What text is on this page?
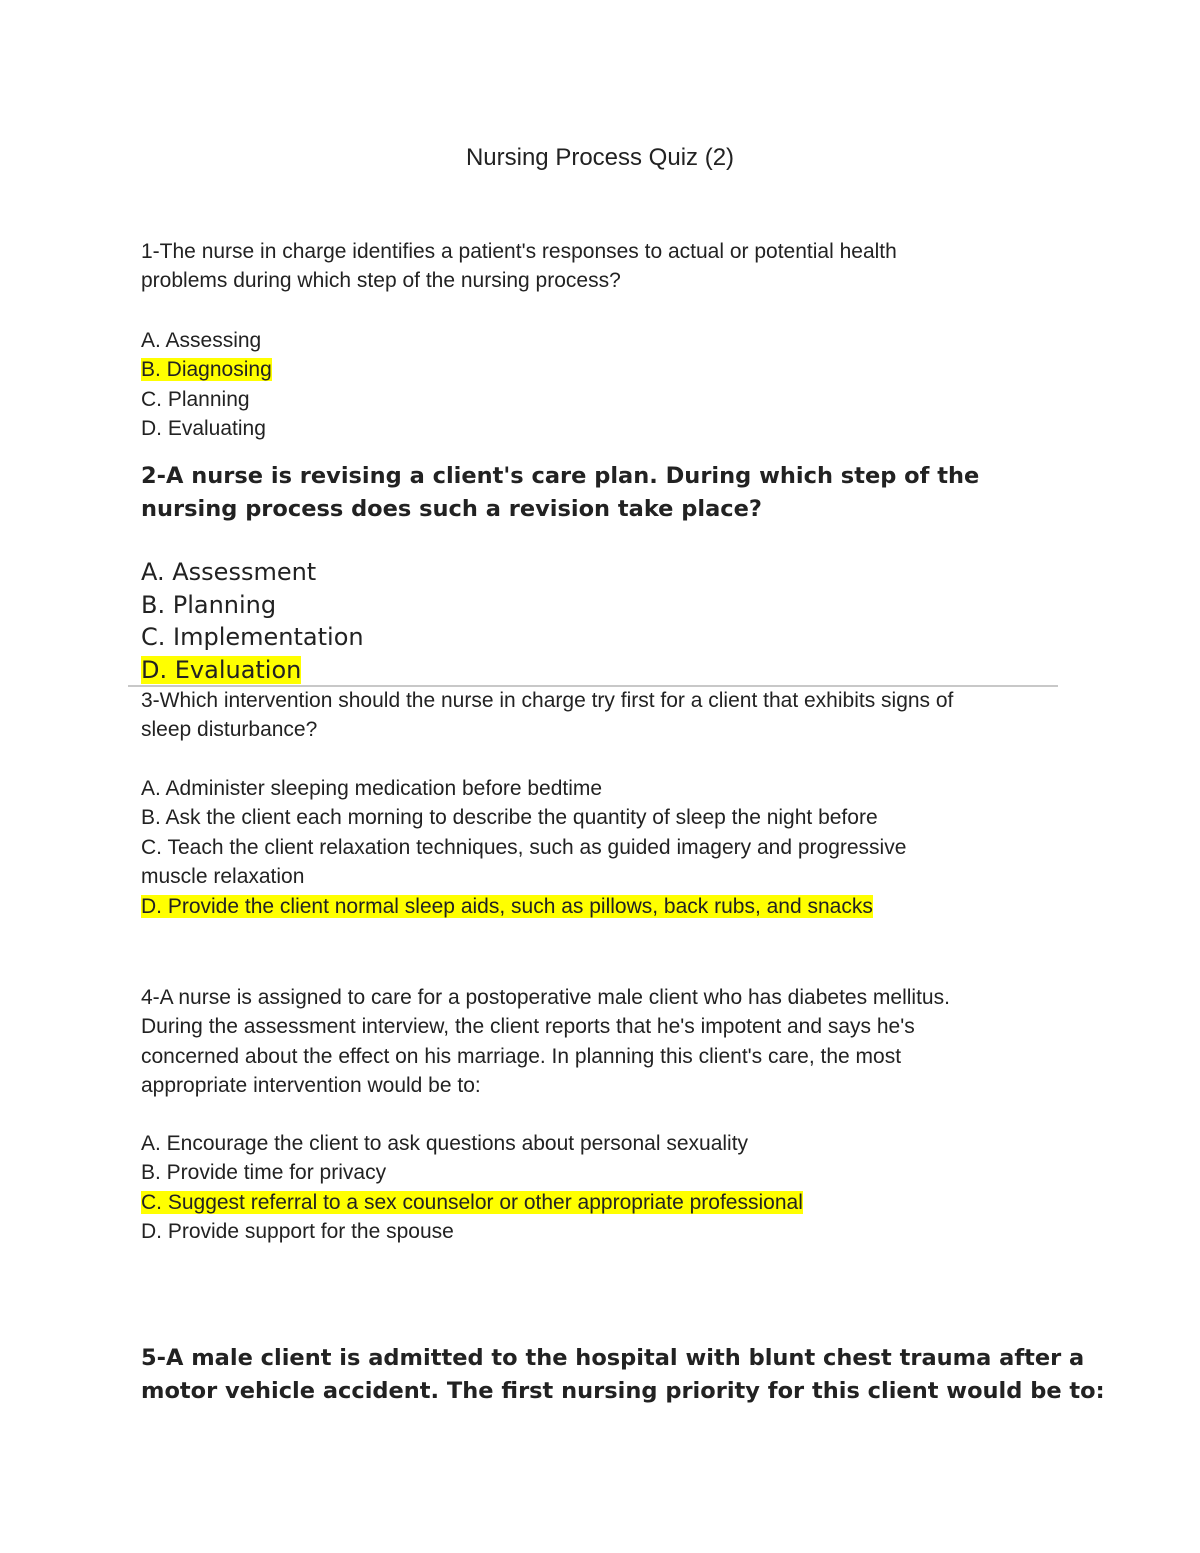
Nursing Process Quiz (2)
1-The nurse in charge identifies a patient's responses to actual or potential health
problems during which step of the nursing process?
A. Assessing
B. Diagnosing
C. Planning
D. Evaluating
2-A nurse is revising a client's care plan. During which step of the
nursing process does such a revision take place?
A. Assessment
B. Planning
C. Implementation
D. Evaluation
3-Which intervention should the nurse in charge try first for a client that exhibits signs of
sleep disturbance?
A. Administer sleeping medication before bedtime
B. Ask the client each morning to describe the quantity of sleep the night before
C. Teach the client relaxation techniques, such as guided imagery and progressive
muscle relaxation
D. Provide the client normal sleep aids, such as pillows, back rubs, and snacks
4-A nurse is assigned to care for a postoperative male client who has diabetes mellitus.
During the assessment interview, the client reports that he's impotent and says he's
concerned about the effect on his marriage. In planning this client's care, the most
appropriate intervention would be to:
A. Encourage the client to ask questions about personal sexuality
B. Provide time for privacy
C. Suggest referral to a sex counselor or other appropriate professional
D. Provide support for the spouse
5-A male client is admitted to the hospital with blunt chest trauma after a
motor vehicle accident. The first nursing priority for this client would be to:
